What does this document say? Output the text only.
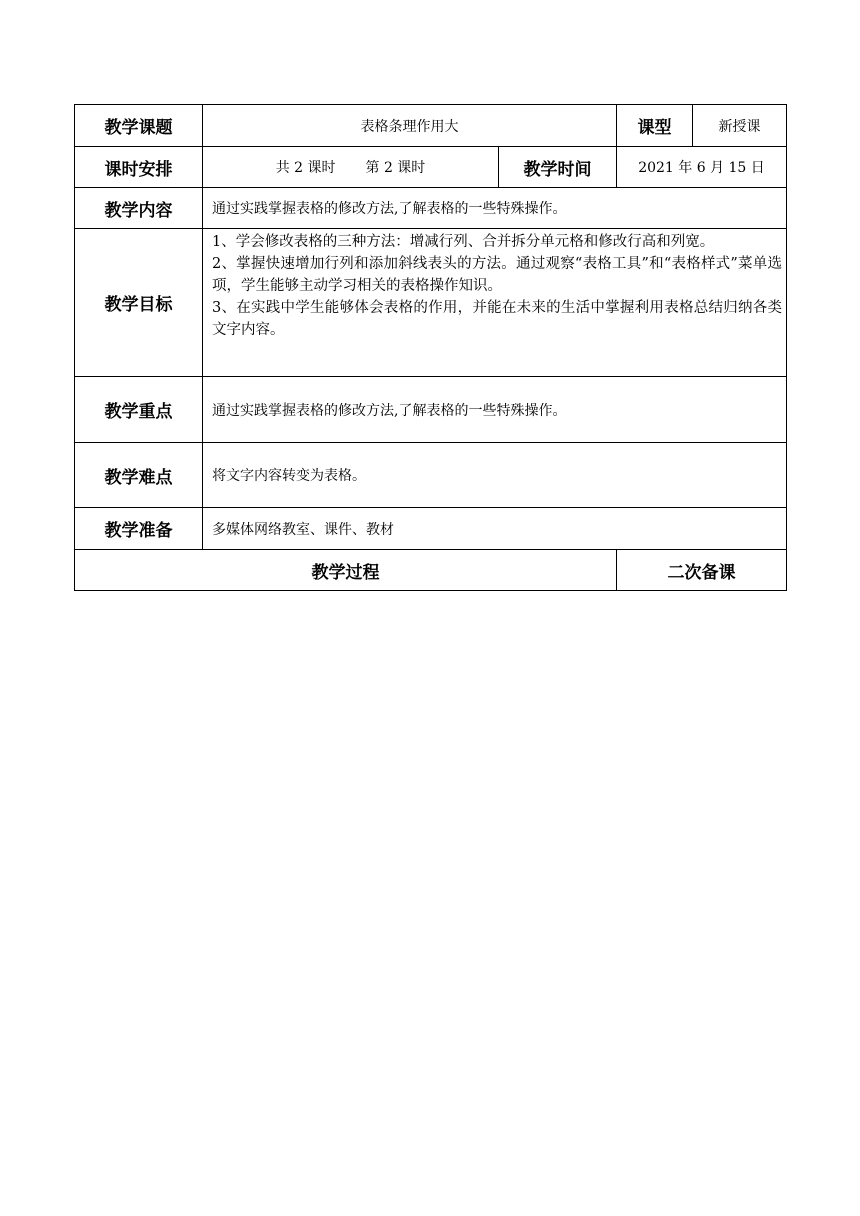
教学课题	表格条理作用大		课型	新授课
课时安排	共 2 课时 第 2 课时	教学时间	2021 年 6 月 15 日	
教学内容	通过实践掌握表格的修改方法,了解表格的一些特殊操作。			
教学目标	1、学会修改表格的三种方法：增减行列、合并拆分单元格和修改行高和列宽。
2、掌握快速增加行列和添加斜线表头的方法。通过观察“表格工具”和“表格样式”菜单选项，学生能够主动学习相关的表格操作知识。
3、在实践中学生能够体会表格的作用，并能在未来的生活中掌握利用表格总结归纳各类文字内容。			

教学重点	通过实践掌握表格的修改方法,了解表格的一些特殊操作。			
教学难点	将文字内容转变为表格。			
教学准备	多媒体网络教室、课件、教材			
教学过程			二次备课	
